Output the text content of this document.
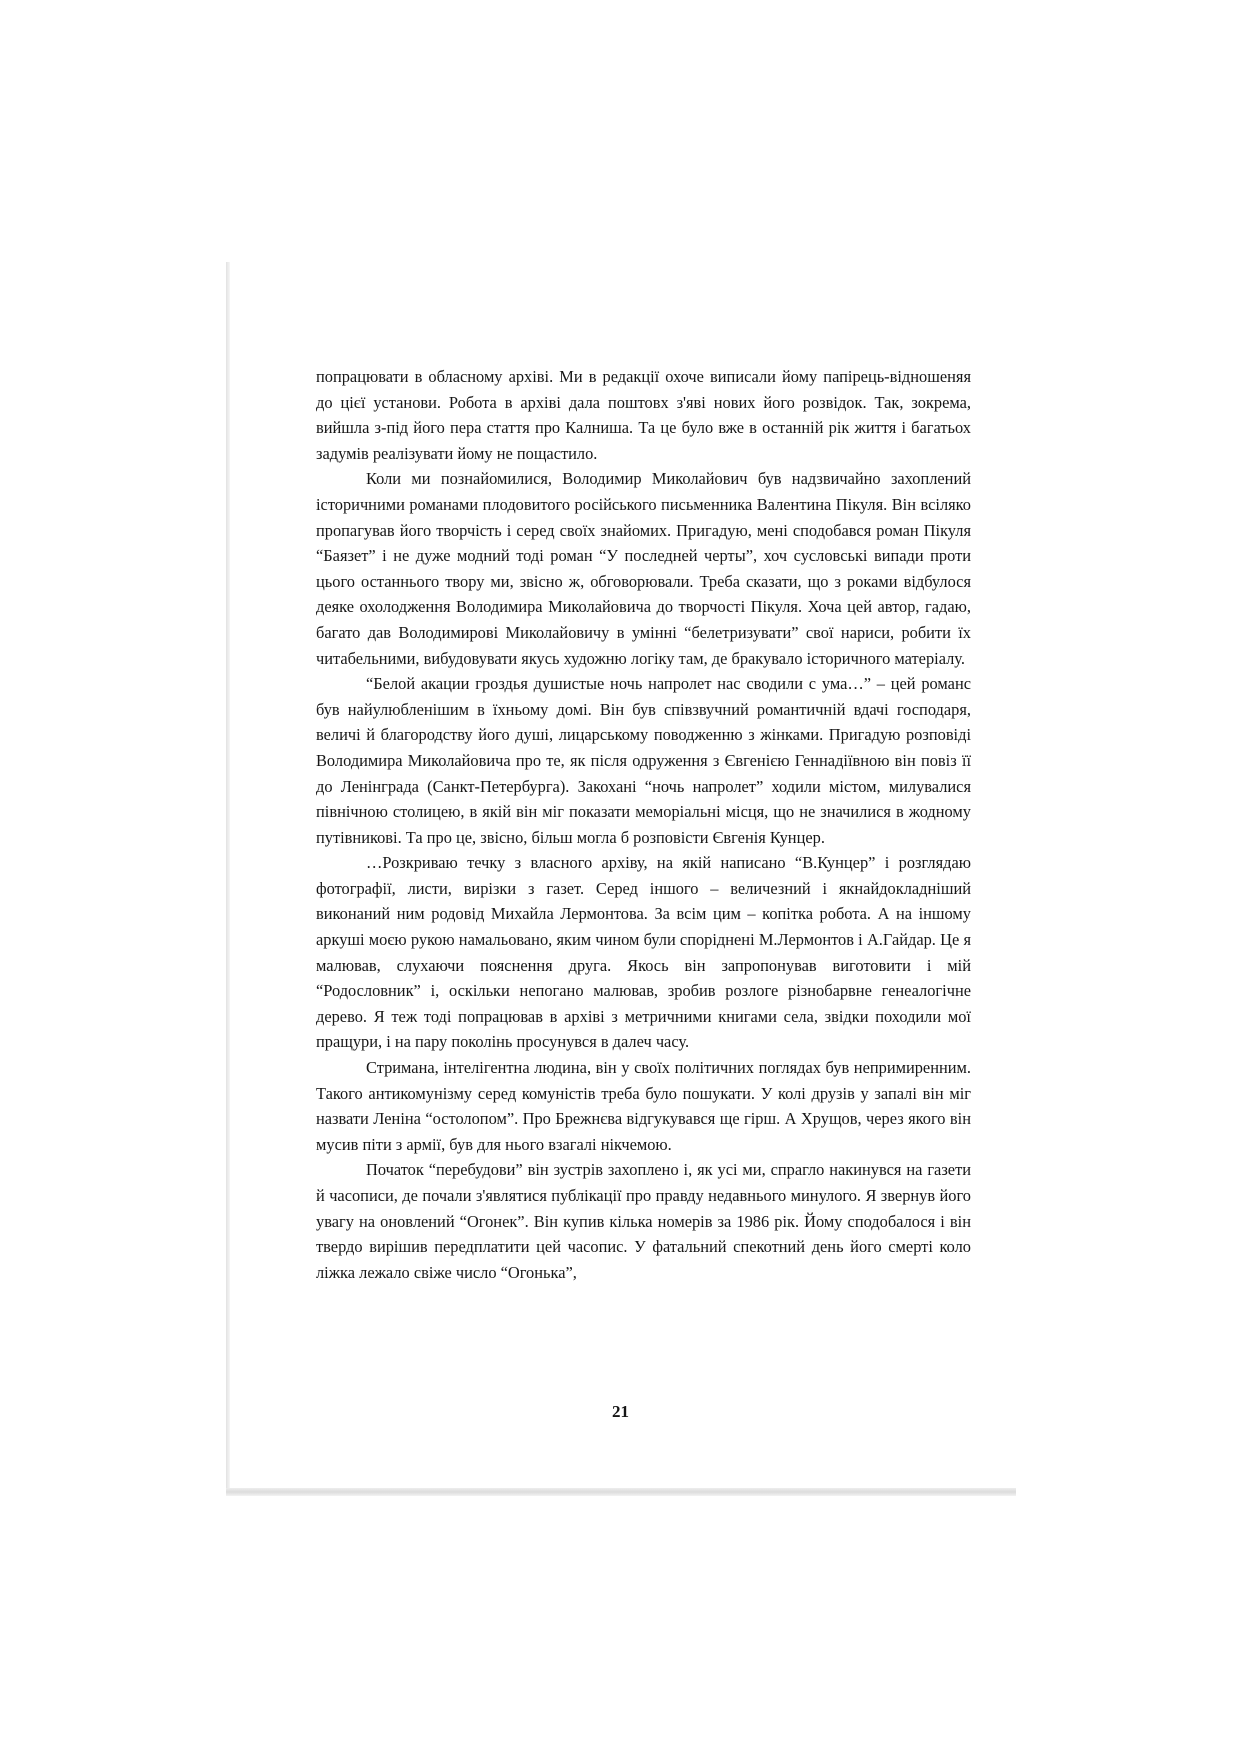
попрацювати в обласному архіві. Ми в редакції охоче виписали йому папірець-відношеняя до цієї установи. Робота в архіві дала поштовх з'яві нових його розвідок. Так, зокрема, вийшла з-під його пера стаття про Калниша. Та це було вже в останній рік життя і багатьох задумів реалізувати йому не пощастило.

Коли ми познайомилися, Володимир Миколайович був надзвичайно захоплений історичними романами плодовитого російського письменника Валентина Пікуля. Він всіляко пропагував його творчість і серед своїх знайомих. Пригадую, мені сподобався роман Пікуля “Баязет” і не дуже модний тоді роман “У последней черты”, хоч сусловські випади проти цього останнього твору ми, звісно ж, обговорювали. Треба сказати, що з роками відбулося деяке охолодження Володимира Миколайовича до творчості Пікуля. Хоча цей автор, гадаю, багато дав Володимирові Миколайовичу в умінні “белетризувати” свої нариси, робити їх читабельними, вибудовувати якусь художню логіку там, де бракувало історичного матеріалу.

“Белой акации гроздья душистые ночь напролет нас сводили с ума…” – цей романс був найулюбленішим в їхньому домі. Він був співзвучний романтичній вдачі господаря, величі й благородству його душі, лицарському поводженню з жінками. Пригадую розповіді Володимира Миколайовича про те, як після одруження з Євгенією Геннадіївною він повіз її до Ленінграда (Санкт-Петербурга). Закохані “ночь напролет” ходили містом, милувалися північною столицею, в якій він міг показати меморіальні місця, що не значилися в жодному путівникові. Та про це, звісно, більш могла б розповісти Євгенія Кунцер.

…Розкриваю течку з власного архіву, на якій написано “В.Кунцер” і розглядаю фотографії, листи, вирізки з газет. Серед іншого – величезний і якнайдокладніший виконаний ним родовід Михайла Лермонтова. За всім цим – копітка робота. А на іншому аркуші моєю рукою намальовано, яким чином були споріднені М.Лермонтов і А.Гайдар. Це я малював, слухаючи пояснення друга. Якось він запропонував виготовити і мій “Родословник” і, оскільки непогано малював, зробив розлоге різнобарвне генеалогічне дерево. Я теж тоді попрацював в архіві з метричними книгами села, звідки походили мої пращури, і на пару поколінь просунувся в далеч часу.

Стримана, інтелігентна людина, він у своїх політичних поглядах був непримиренним. Такого антикомунізму серед комуністів треба було пошукати. У колі друзів у запалі він міг назвати Леніна “остолопом”. Про Брежнєва відгукувався ще гірш. А Хрущов, через якого він мусив піти з армії, був для нього взагалі нікчемою.

Початок “перебудови” він зустрів захоплено і, як усі ми, спрагло накинувся на газети й часописи, де почали з'являтися публікації про правду недавнього минулого. Я звернув його увагу на оновлений “Огонек”. Він купив кілька номерів за 1986 рік. Йому сподобалося і він твердо вирішив передплатити цей часопис. У фатальний спекотний день його смерті коло ліжка лежало свіже число “Огонька”,

21
